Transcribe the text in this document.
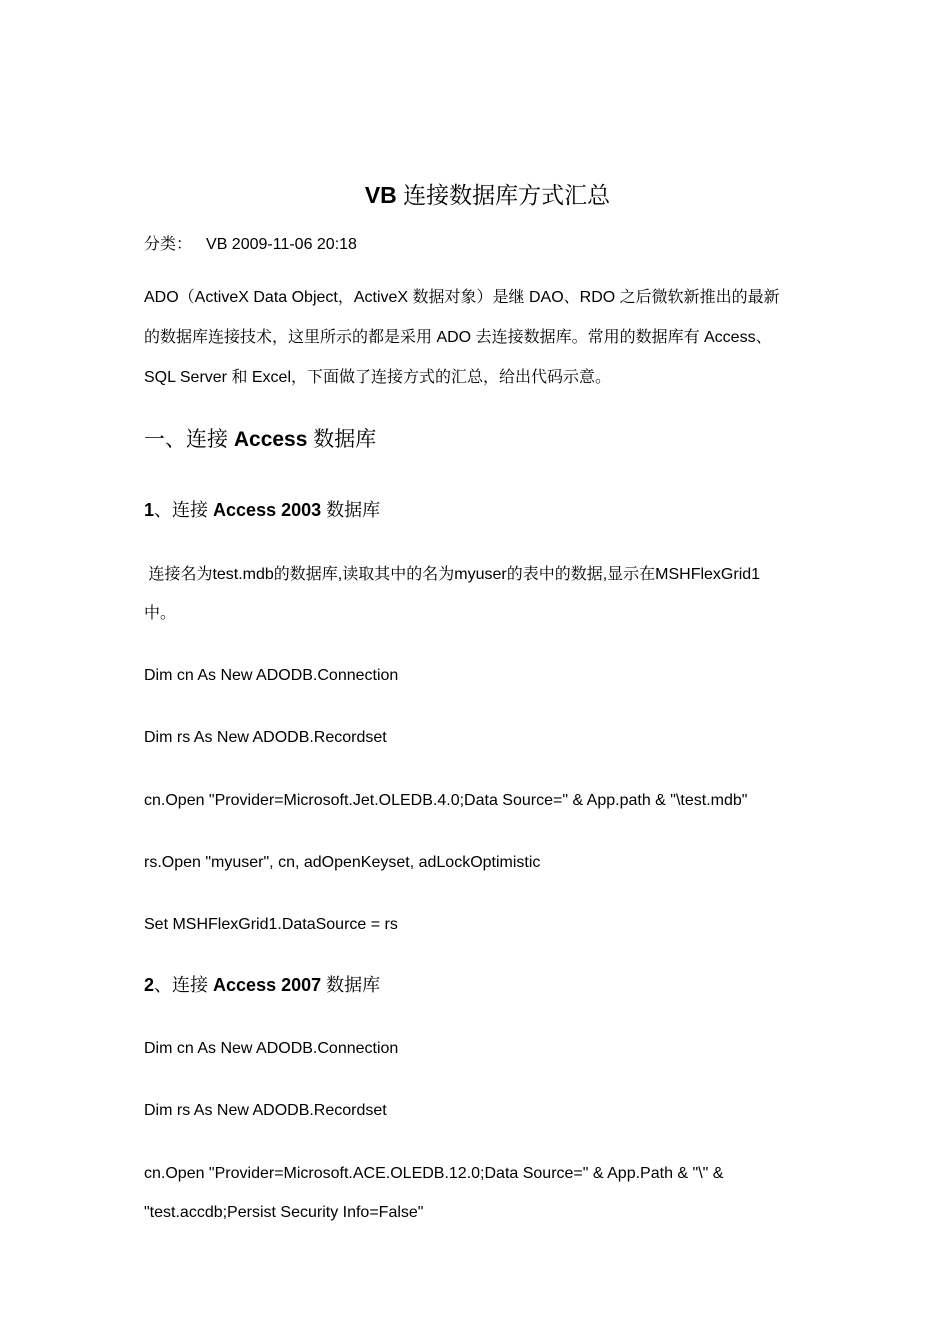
VB 连接数据库方式汇总
分类： VB 2009-11-06 20:18
ADO（ActiveX Data Object，ActiveX 数据对象）是继 DAO、RDO 之后微软新推出的最新
的数据库连接技术，这里所示的都是采用 ADO 去连接数据库。常用的数据库有 Access、
SQL Server 和 Excel，下面做了连接方式的汇总，给出代码示意。
一、连接 Access 数据库
1、连接 Access 2003 数据库
连接名为test.mdb的数据库,读取其中的名为myuser的表中的数据,显示在MSHFlexGrid1
中。
Dim cn As New ADODB.Connection
Dim rs As New ADODB.Recordset
cn.Open "Provider=Microsoft.Jet.OLEDB.4.0;Data Source=" & App.path & "\test.mdb"
rs.Open "myuser", cn, adOpenKeyset, adLockOptimistic
Set MSHFlexGrid1.DataSource = rs
2、连接 Access 2007 数据库
Dim cn As New ADODB.Connection
Dim rs As New ADODB.Recordset
cn.Open "Provider=Microsoft.ACE.OLEDB.12.0;Data Source=" & App.Path & "\" &
"test.accdb;Persist Security Info=False"
